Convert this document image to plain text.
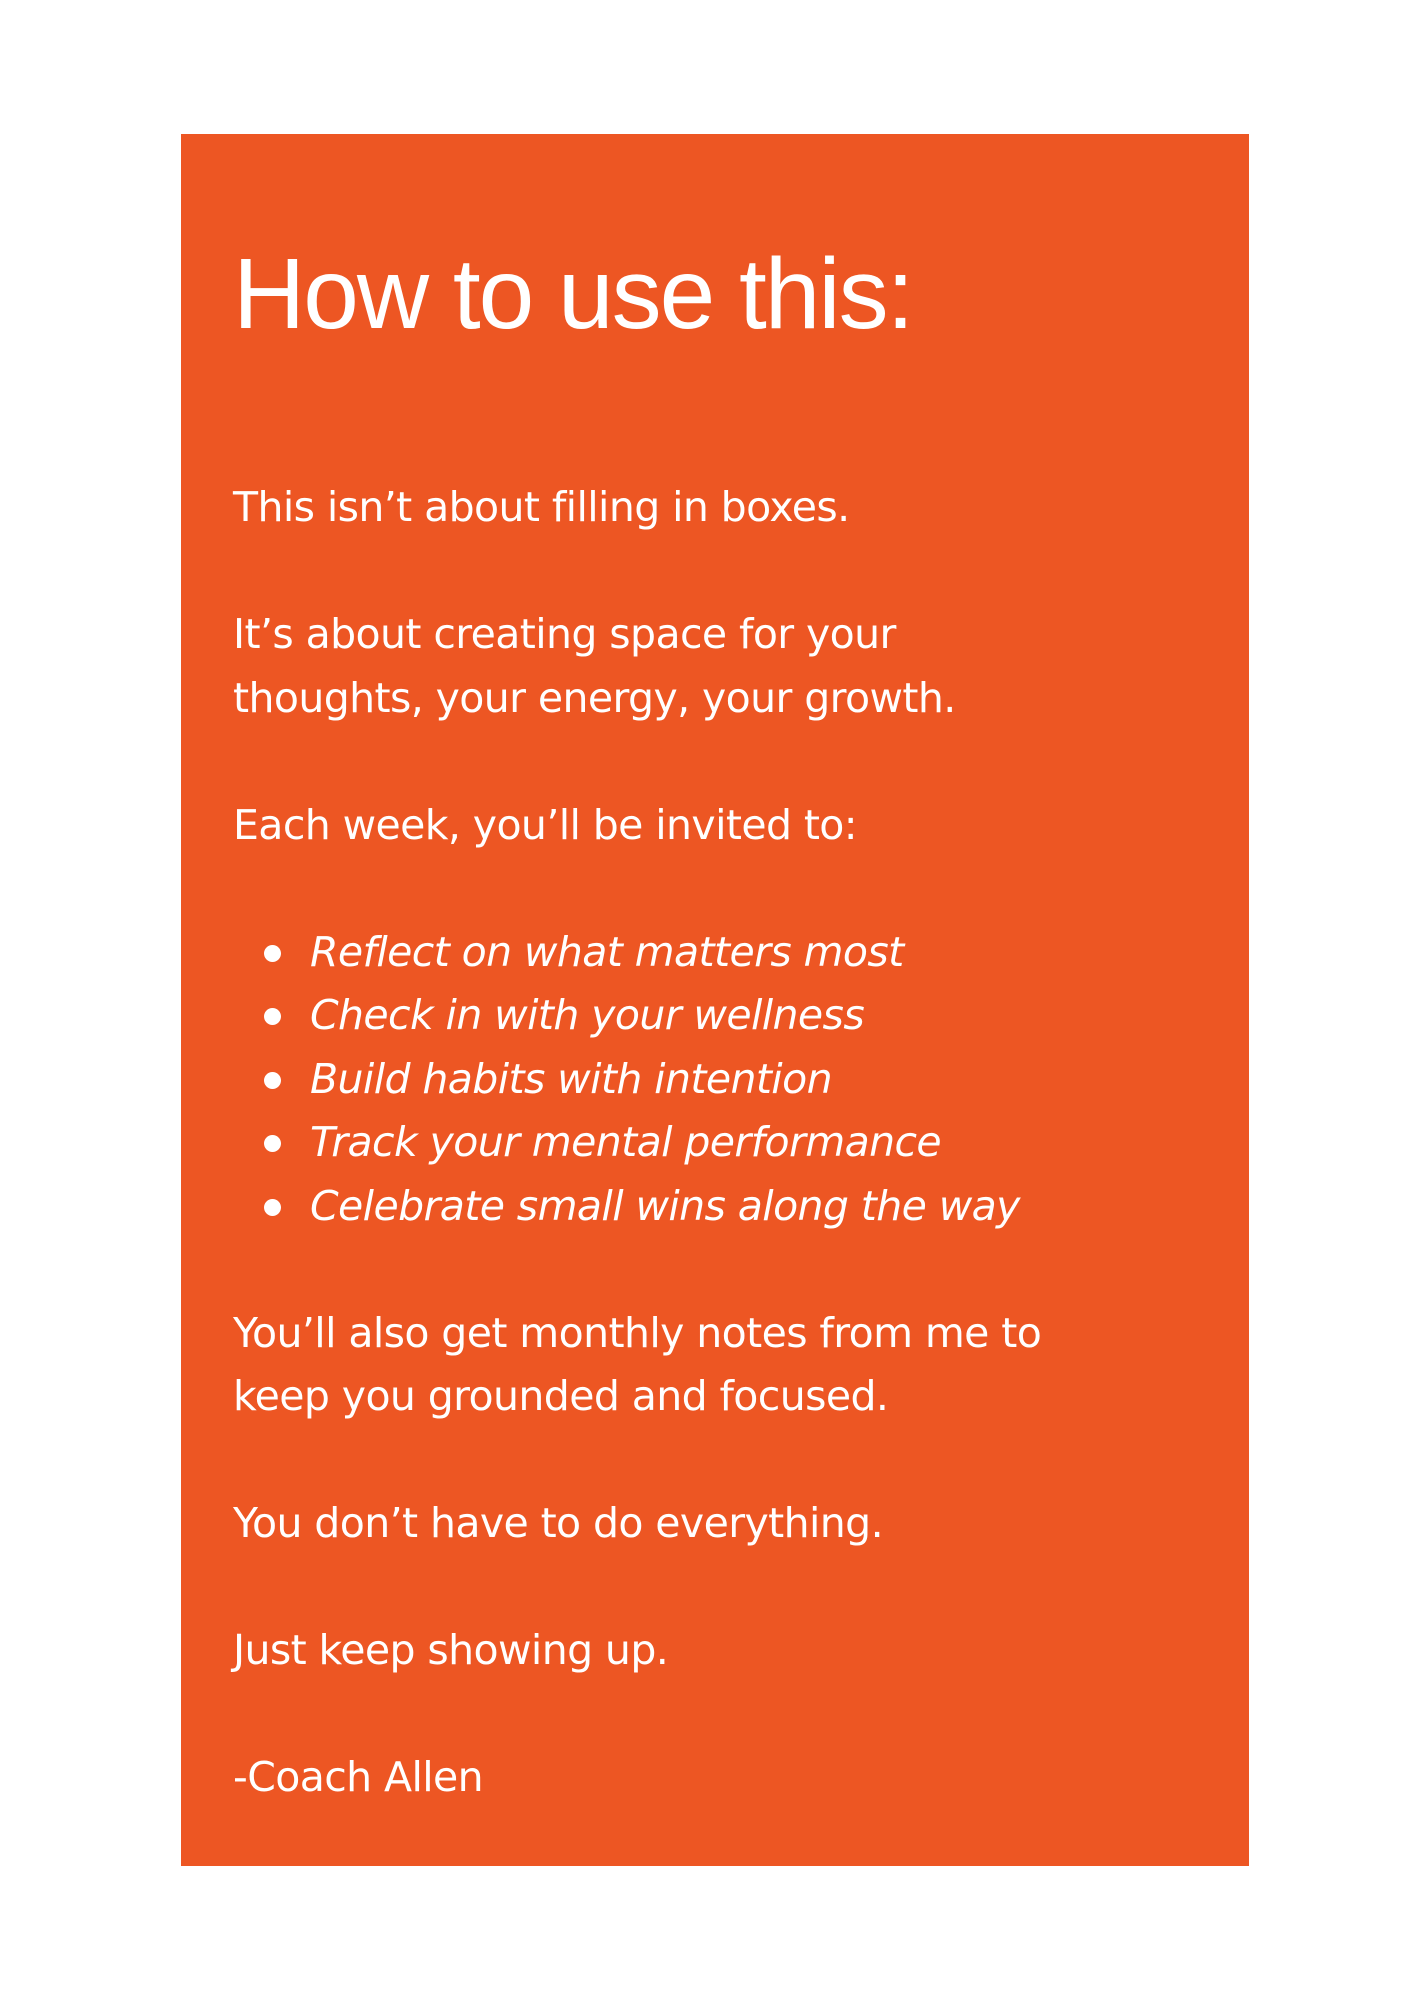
How to use this:

This isn’t about filling in boxes.

It’s about creating space for your
thoughts, your energy, your growth.

Each week, you’ll be invited to:

Reflect on what matters most
Check in with your wellness
Build habits with intention
Track your mental performance
Celebrate small wins along the way

You’ll also get monthly notes from me to
keep you grounded and focused.

You don’t have to do everything.

Just keep showing up.

-Coach Allen
